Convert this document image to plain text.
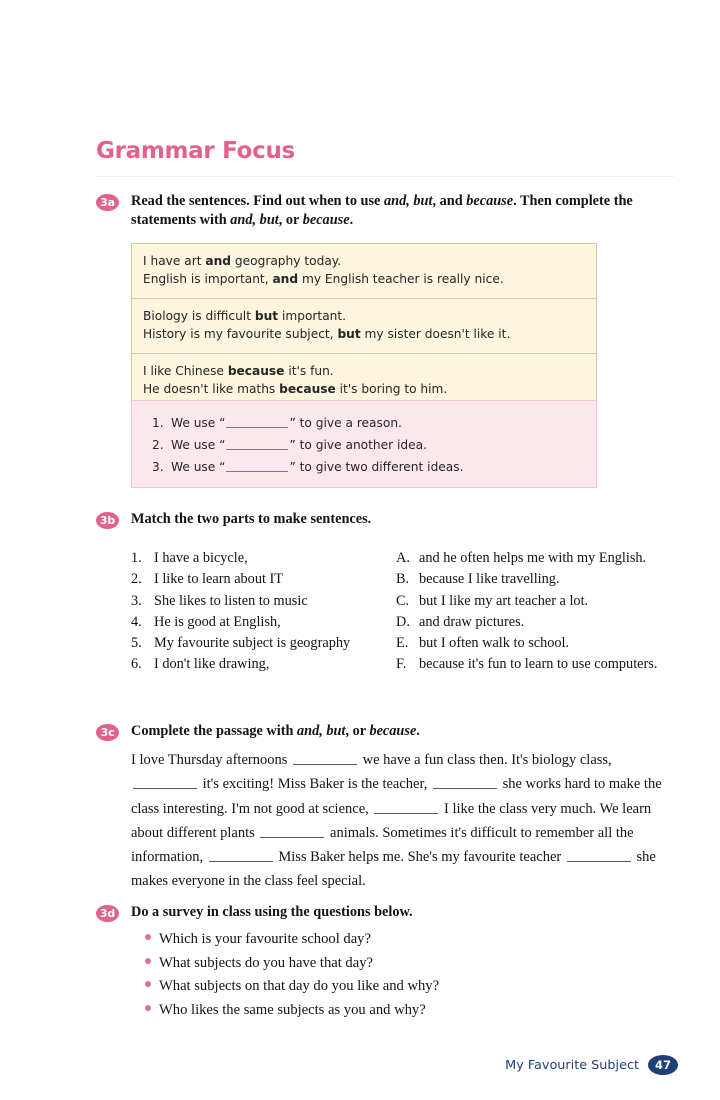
Grammar Focus
3a Read the sentences. Find out when to use and, but, and because. Then complete the statements with and, but, or because.
I have art and geography today.
English is important, and my English teacher is really nice.
Biology is difficult but important.
History is my favourite subject, but my sister doesn't like it.
I like Chinese because it's fun.
He doesn't like maths because it's boring to him.
1. We use “	” to give a reason.
2. We use “	” to give another idea.
3. We use “	” to give two different ideas.
3b Match the two parts to make sentences.
1. I have a bicycle,
2. I like to learn about IT
3. She likes to listen to music
4. He is good at English,
5. My favourite subject is geography
6. I don't like drawing,
A. and he often helps me with my English.
B. because I like travelling.
C. but I like my art teacher a lot.
D. and draw pictures.
E. but I often walk to school.
F. because it's fun to learn to use computers.
3c	Complete the passage with and, but, or because.
I love Thursday afternoons	we have a fun class then. It's biology class,  it's exciting! Miss Baker is the teacher,	she works hard to make the class interesting. I'm not good at science,	I like the class very much. We learn about different plants	animals. Sometimes it's difficult to remember all the information,	Miss Baker helps me. She's my favourite teacher	she makes everyone in the class feel special.
3d Do a survey in class using the questions below.
Which is your favourite school day?
What subjects do you have that day?
What subjects on that day do you like and why?
Who likes the same subjects as you and why?
My Favourite Subject	47
